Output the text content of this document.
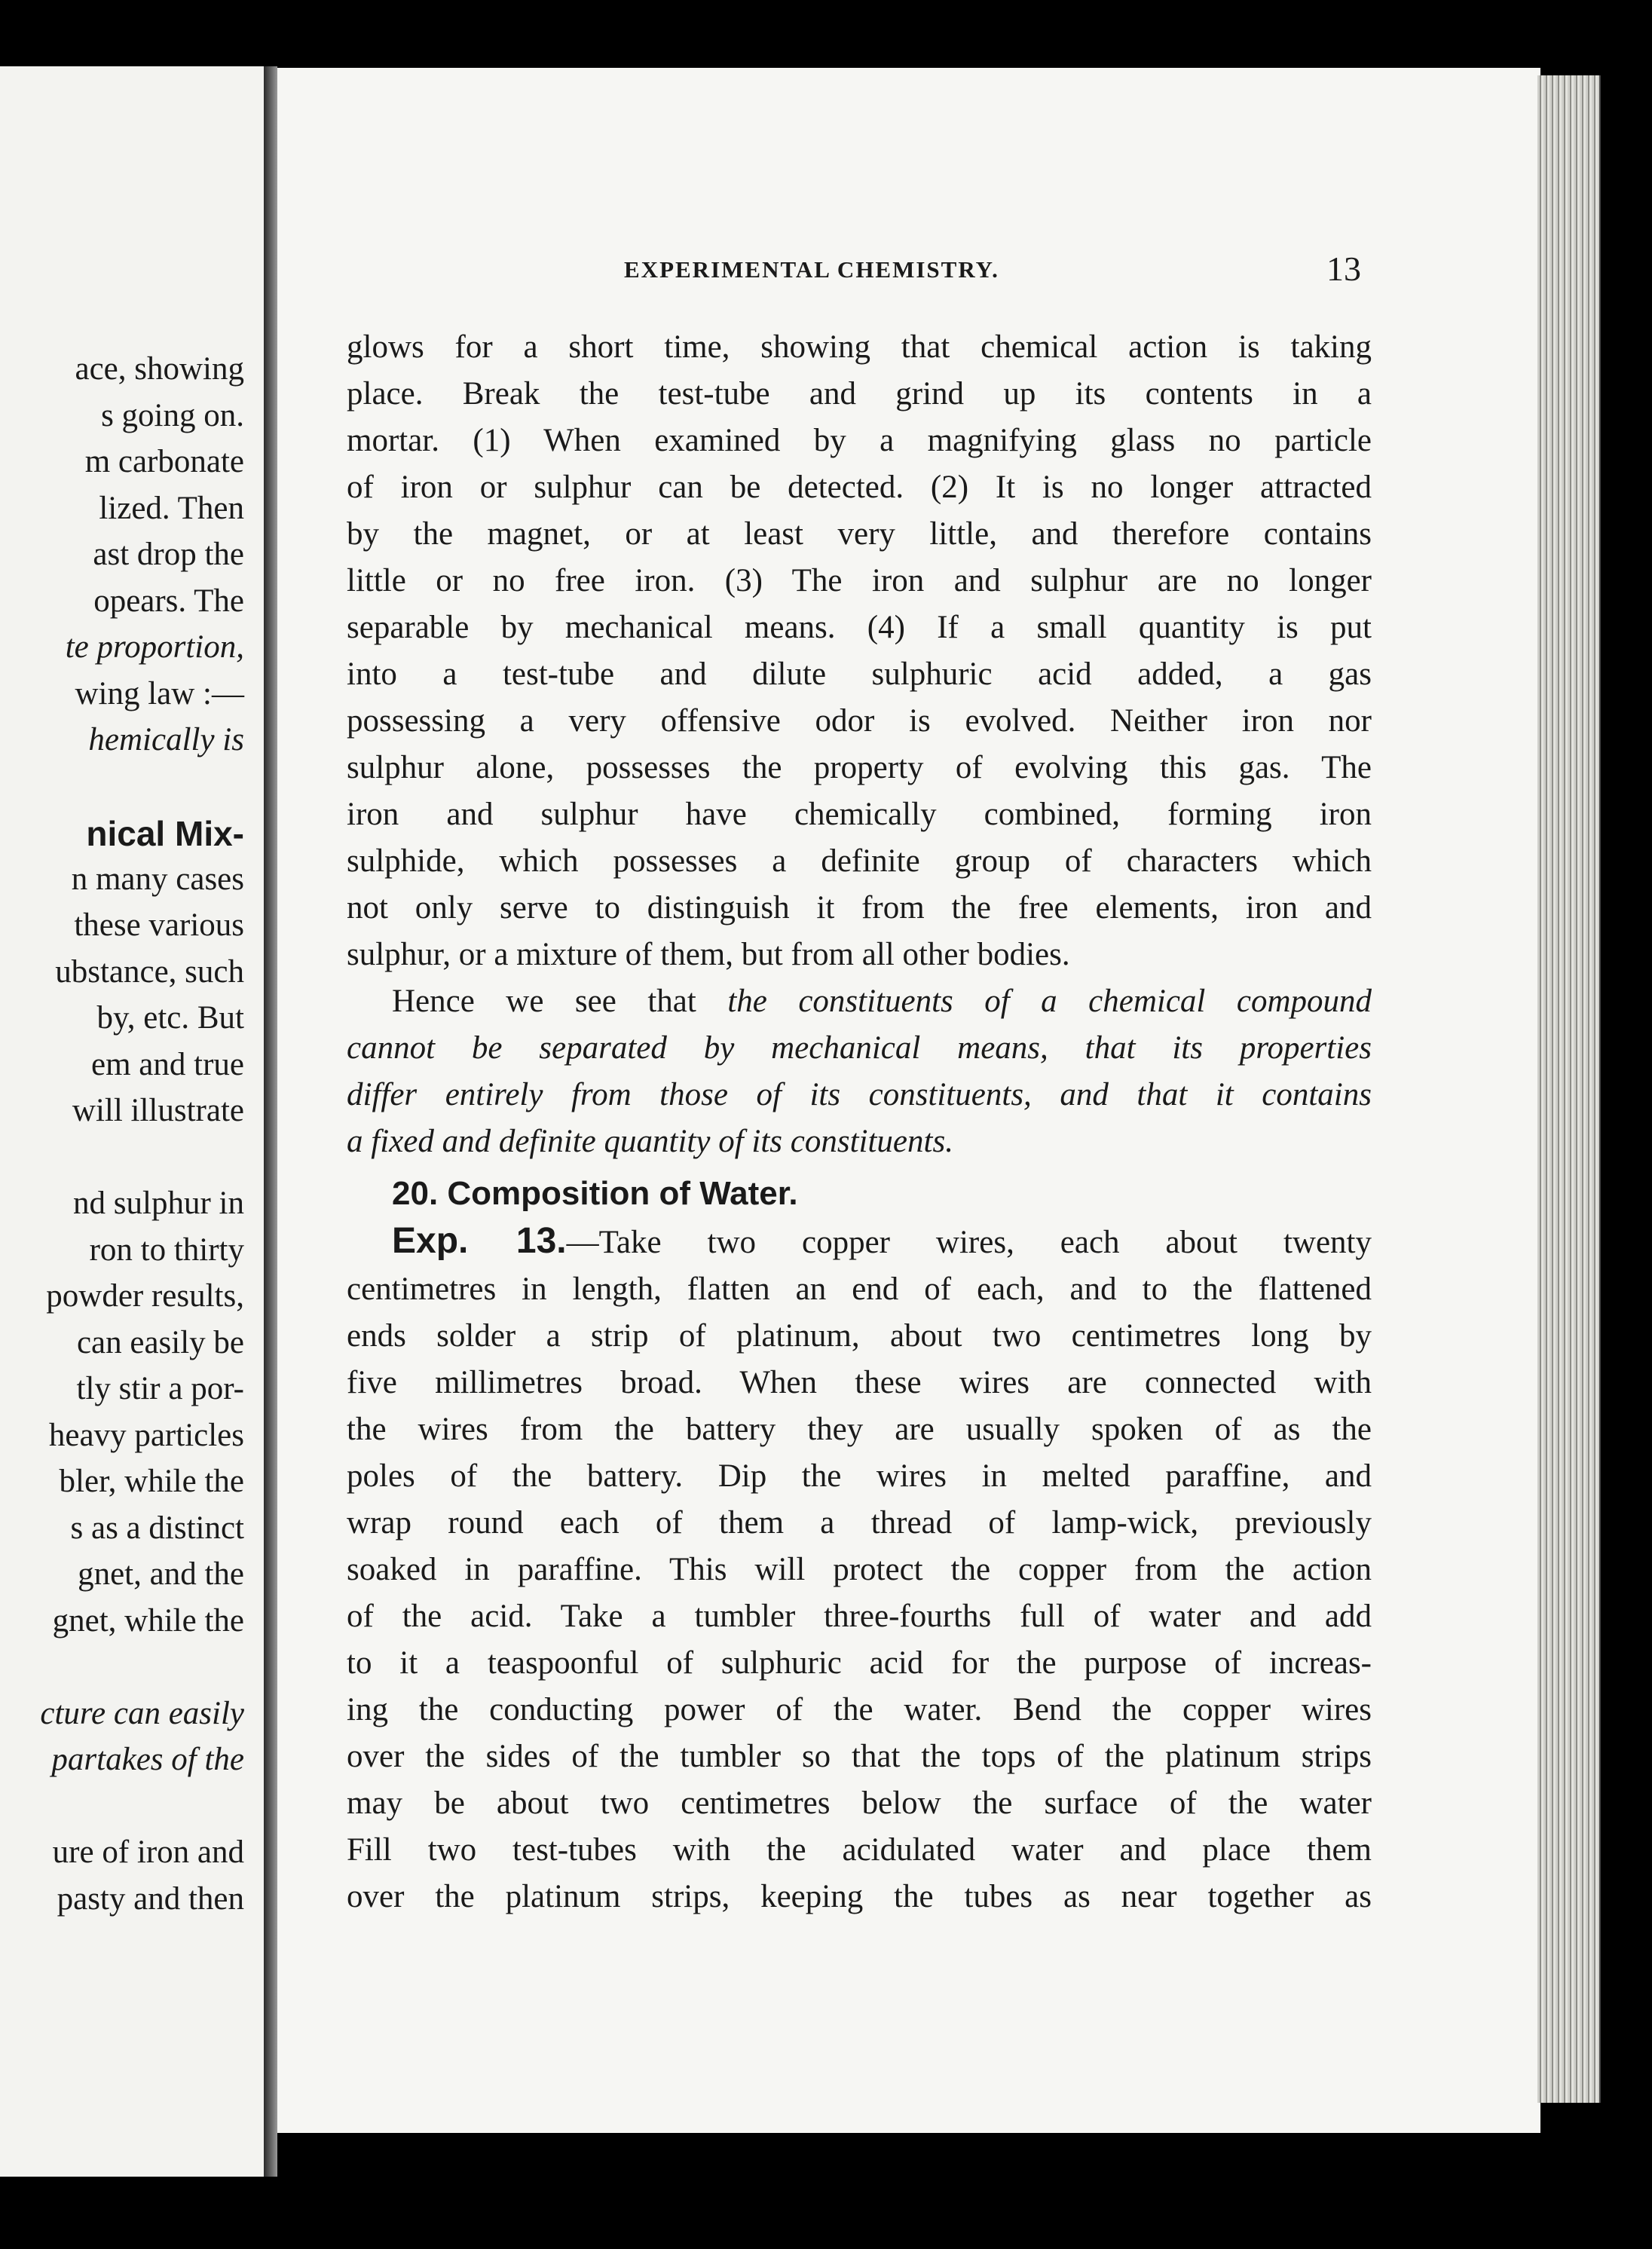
ace, showing
s going on.
m carbonate
lized. Then
ast drop the
opears. The
te proportion,
wing law :—
hemically is
nical Mix-
n many cases
these various
ubstance, such
by, etc. But
em and true
will illustrate
nd sulphur in
ron to thirty
powder results,
can easily be
tly stir a por-
heavy particles
bler, while the
s as a distinct
gnet, and the
gnet, while the
cture can easily
partakes of the
ure of iron and
pasty and then
EXPERIMENTAL CHEMISTRY.	13

glows for a short time, showing that chemical action is taking

place. Break the test-tube and grind up its contents in a

mortar. (1) When examined by a magnifying glass no particle

of iron or sulphur can be detected. (2) It is no longer attracted

by the magnet, or at least very little, and therefore contains

little or no free iron. (3) The iron and sulphur are no longer

separable by mechanical means. (4) If a small quantity is put

into a test-tube and dilute sulphuric acid added, a gas

possessing a very offensive odor is evolved. Neither iron nor

sulphur alone, possesses the property of evolving this gas. The

iron and sulphur have chemically combined, forming iron

sulphide, which possesses a definite group of characters which

not only serve to distinguish it from the free elements, iron and

sulphur, or a mixture of them, but from all other bodies.

Hence we see that the constituents of a chemical compound

cannot be separated by mechanical means, that its properties

differ entirely from those of its constituents, and that it contains

a fixed and definite quantity of its constituents.

20. Composition of Water.

Exp. 13.—Take two copper wires, each about twenty

centimetres in length, flatten an end of each, and to the flattened

ends solder a strip of platinum, about two centimetres long by

five millimetres broad. When these wires are connected with

the wires from the battery they are usually spoken of as the

poles of the battery. Dip the wires in melted paraffine, and

wrap round each of them a thread of lamp-wick, previously

soaked in paraffine. This will protect the copper from the action

of the acid. Take a tumbler three-fourths full of water and add

to it a teaspoonful of sulphuric acid for the purpose of increas-

ing the conducting power of the water. Bend the copper wires

over the sides of the tumbler so that the tops of the platinum strips

may be about two centimetres below the surface of the water

Fill two test-tubes with the acidulated water and place them

over the platinum strips, keeping the tubes as near together as
